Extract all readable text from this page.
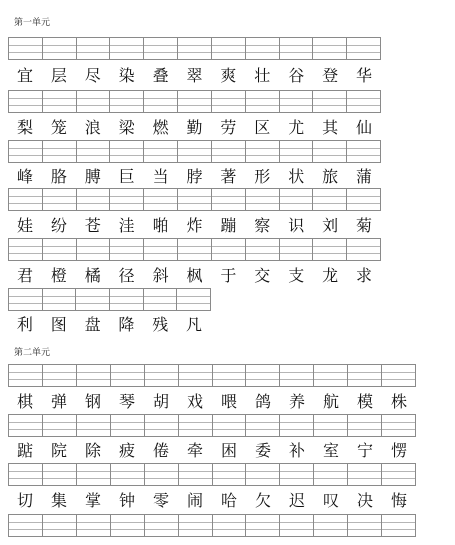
第一单元
宜	层	尽	染	叠	翠	爽	壮	谷	登	华
梨	笼	浪	梁	燃	勤	劳	区	尤	其	仙
峰	胳	膊	巨	当	脖	著	形	状	旅	蒲
娃	纷	苍	洼	啪	炸	蹦	察	识	刘	菊
君	橙	橘	径	斜	枫	于	交	支	龙	求
利	图	盘	降	残	凡
第二单元
棋	弹	钢	琴	胡	戏	喂	鸽	养	航	模	株
踮	院	除	疲	倦	牵	困	委	补	室	宁	愣
切	集	掌	钟	零	闹	哈	欠	迟	叹	决	悔
